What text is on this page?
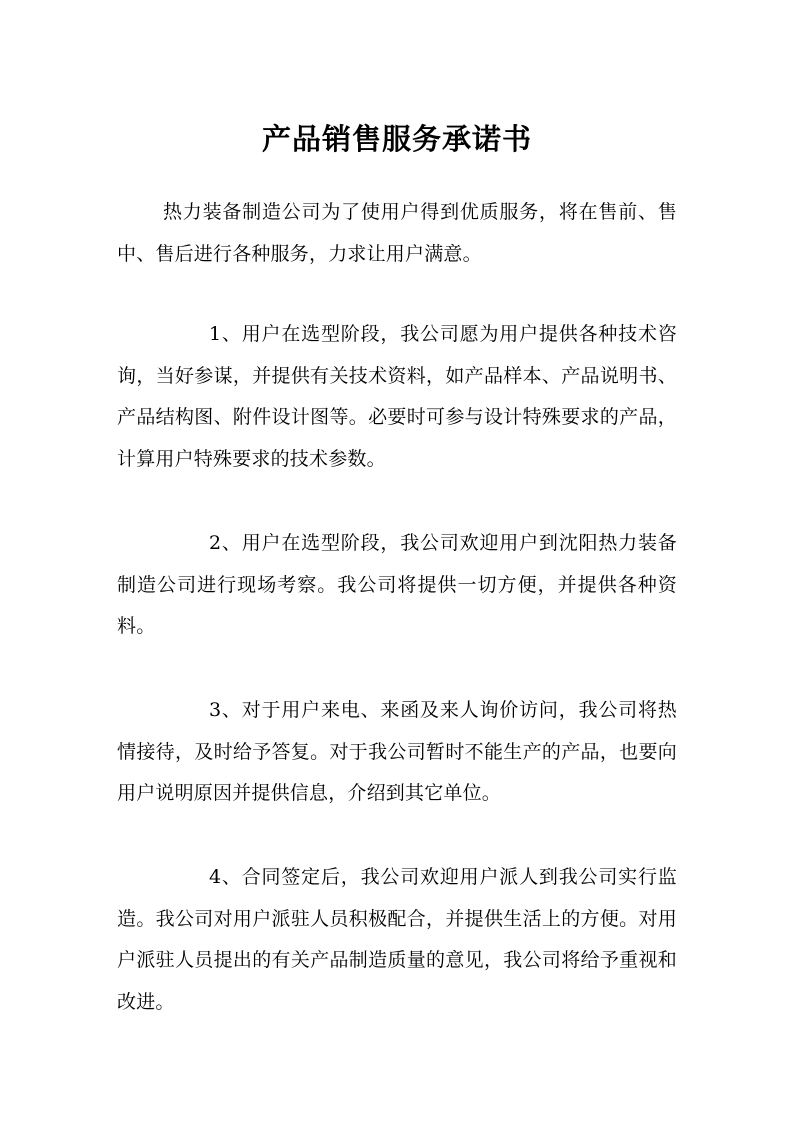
产品销售服务承诺书

热力装备制造公司为了使用户得到优质服务，将在售前、售中、售后进行各种服务，力求让用户满意。

1、用户在选型阶段，我公司愿为用户提供各种技术咨询，当好参谋，并提供有关技术资料，如产品样本、产品说明书、产品结构图、附件设计图等。必要时可参与设计特殊要求的产品，计算用户特殊要求的技术参数。

2、用户在选型阶段，我公司欢迎用户到沈阳热力装备制造公司进行现场考察。我公司将提供一切方便，并提供各种资料。

3、对于用户来电、来函及来人询价访问，我公司将热情接待，及时给予答复。对于我公司暂时不能生产的产品，也要向用户说明原因并提供信息，介绍到其它单位。

4、合同签定后，我公司欢迎用户派人到我公司实行监造。我公司对用户派驻人员积极配合，并提供生活上的方便。对用户派驻人员提出的有关产品制造质量的意见，我公司将给予重视和改进。
